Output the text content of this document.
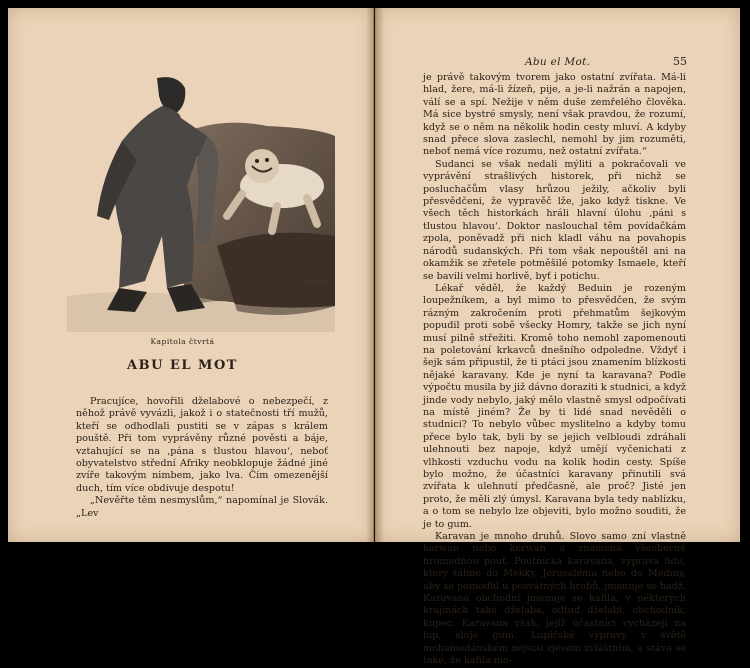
Burda
Kapitola čtvrtá
ABU EL MOT

Pracujíce, hovořili dželabové o nebezpečí, z něhož právě vyvázli, jakož i o statečnosti tří mužů, kteří se odhodlali pustiti se v zápas s králem pouště. Při tom vyprávěny různé pověsti a báje, vztahující se na ‚pána s tlustou hlavou‘, neboť obyvatelstvo střední Afriky neobklopuje žádné jiné zvíře takovým nimbem, jako lva. Čím omezenější duch, tím více obdivuje despotu!

„Nevěřte těm nesmyslům,“ napomínal je Slovák. „Lev

Abu el Mot.	55

je právě takovým tvorem jako ostatní zvířata. Má-li hlad, žere, má-li žízeň, pije, a je-li nažrán a napojen, válí se a spí. Nežije v něm duše zemřelého člověka. Má sice bystré smysly, není však pravdou, že rozumí, když se o něm na několik hodin cesty mluví. A kdyby snad přece slova zaslechl, nemohl by jim rozuměti, neboť nemá více rozumu, než ostatní zvířata.“

Sudanci se však nedali mýliti a pokračovali ve vyprávění strašlivých historek, při nichž se posluchačům vlasy hrůzou ježily, ačkoliv byli přesvědčeni, že vypravěč lže, jako když tiskne. Ve všech těch historkách hráli hlavní úlohu ‚páni s tlustou hlavou‘. Doktor naslouchal těm povídačkám zpola, poněvadž při nich kladl váhu na povahopis národů sudanských. Při tom však nepouštěl ani na okamžik se zřetele potměšilé potomky Ismaele, kteří se bavili velmi horlivě, byť i potichu.

Lékař věděl, že každý Beduin je rozeným loupežníkem, a byl mimo to přesvědčen, že svým rázným zakročením proti přehmatům šejkovým popudil proti sobě všecky Homry, takže se jich nyní musí pilně střežiti. Kromě toho nemohl zapomenouti na poletování krkavců dnešního odpoledne. Vždyť i šejk sám připustil, že ti ptáci jsou znamením blízkosti nějaké karavany. Kde je nyní ta karavana? Podle výpočtu musila by již dávno doraziti k studnici, a když jinde vody nebylo, jaký mělo vlastně smysl odpočívati na místě jiném? Že by ti lidé snad nevěděli o studnici? To nebylo vůbec myslitelno a kdyby tomu přece bylo tak, byli by se jejich velbloudi zdráhali ulehnouti bez napoje, když umějí vyčenichati z vlhkosti vzduchu vodu na kolik hodin cesty. Spíše bylo možno, že účastníci karavany přinutili svá zvířata k ulehnutí předčasně, ale proč? Jisté jen proto, že měli zlý úmysl. Karavana byla tedy nablízku, a o tom se nebylo lze objeviti, bylo možno souditi, že je to gum.

Karavan je mnoho druhů. Slovo samo zní vlastně karwan nebo kerwan a znamená všeobecně hromadnou pouť. Poutnická karavana, výprava lidu, který táhne do Mekky, Jerusaléma nebo do Mediny, aby se pomodlil u posvátných hrobů, jmenuje se hadž. Karavana obchodní jmenuje se kafila, v některých krajinách také dželaba, odtud dželabi, obchodník, kupec. Karavana však, jejíž účastníci vycházejí na lup, sluje gum. Lupičské výpravy v světě mohamedánském nejsou zjevem zvláštním, a stává se také, že kafila mo-
